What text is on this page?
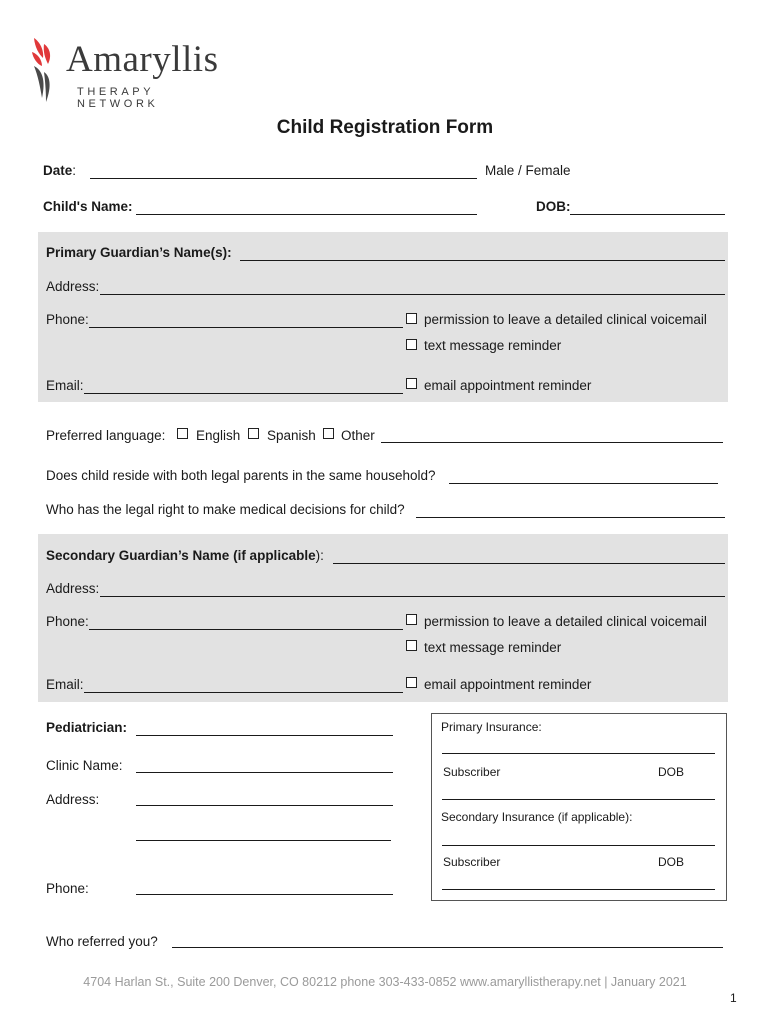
Amaryllis
THERAPY NETWORK
Child Registration Form
Date:	Male / Female
Child's Name:	DOB:
Primary Guardian’s Name(s):
Address:
Phone:	permission to leave a detailed clinical voicemail
text message reminder
Email:	email appointment reminder
Preferred language: English Spanish Other
Does child reside with both legal parents in the same household?
Who has the legal right to make medical decisions for child?
Secondary Guardian’s Name (if applicable):
Address:
Phone:	permission to leave a detailed clinical voicemail
text message reminder
Email:	email appointment reminder
Pediatrician:
Clinic Name:
Address:
Phone:
Primary Insurance:
Subscriber	DOB
Secondary Insurance (if applicable):
Subscriber	DOB
Who referred you?
4704 Harlan St., Suite 200 Denver, CO 80212 phone 303-433-0852 www.amaryllistherapy.net | January 2021
1
